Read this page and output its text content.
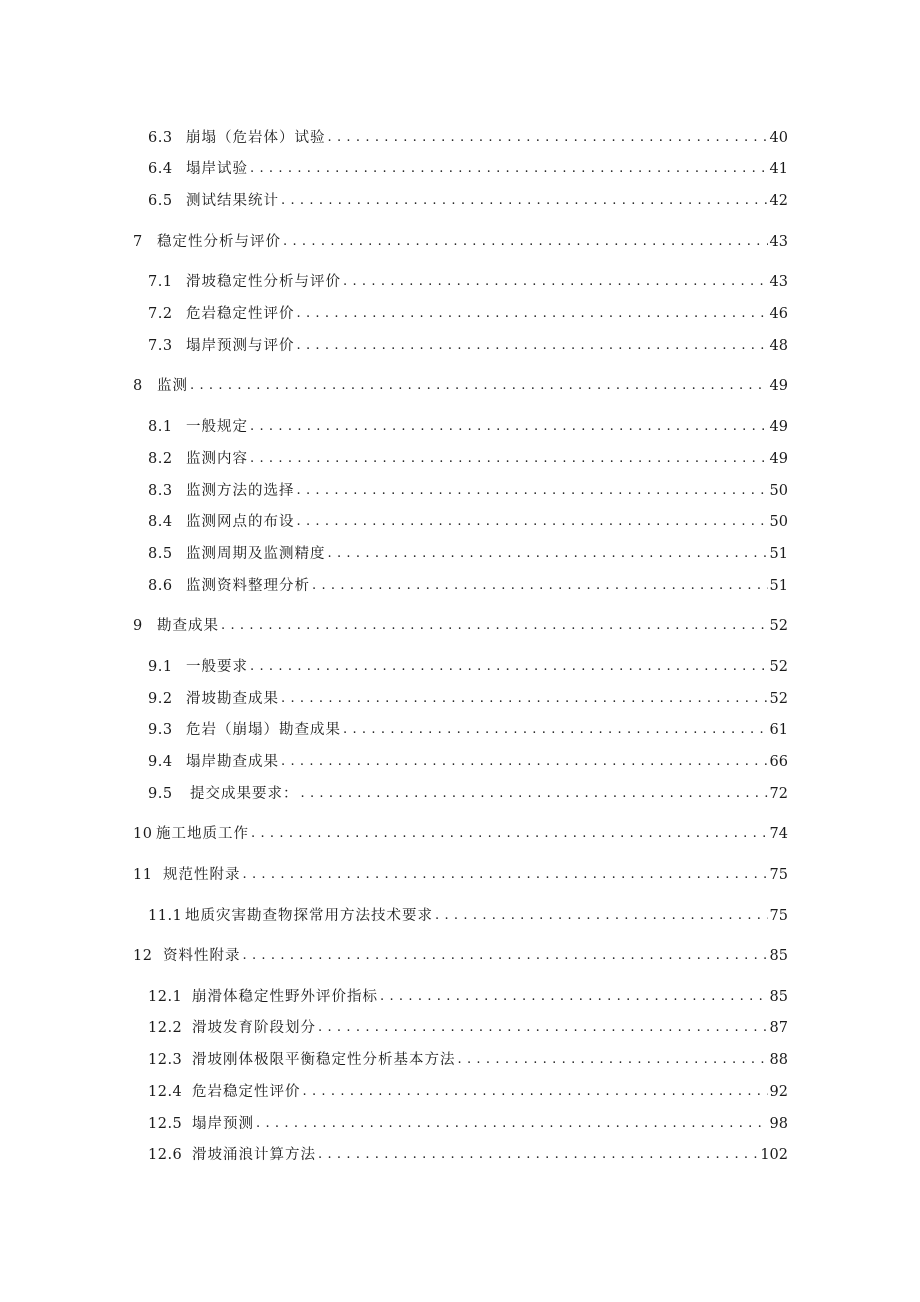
6.3 崩塌（危岩体）试验 . . .	40
6.4 塌岸试验 . . .	41
6.5 测试结果统计 . . .	42
7 稳定性分析与评价 . . .	43
7.1 滑坡稳定性分析与评价 . . .	43
7.2 危岩稳定性评价 . . .	46
7.3 塌岸预测与评价 . . .	48
8 监测 . . .	49
8.1 一般规定 . . .	49
8.2 监测内容 . . .	49
8.3 监测方法的选择 . . .	50
8.4 监测网点的布设 . . .	50
8.5 监测周期及监测精度 . . .	51
8.6 监测资料整理分析 . . .	51
9 勘查成果 . . .	52
9.1 一般要求 . . .	52
9.2 滑坡勘查成果 . . .	52
9.3 危岩（崩塌）勘查成果 . . .	61
9.4 塌岸勘查成果 . . .	66
9.5	提交成果要求： . . .	72
10 施工地质工作 . . .	74
11 规范性附录 . . .	75
11.1 地质灾害勘查物探常用方法技术要求 . . .	75
12 资料性附录 . . .	85
12.1 崩滑体稳定性野外评价指标 . . .	85
12.2 滑坡发育阶段划分 . . .	87
12.3 滑坡刚体极限平衡稳定性分析基本方法 . . .	88
12.4 危岩稳定性评价 . . .	92
12.5 塌岸预测 . . .	98
12.6 滑坡涌浪计算方法 . . .	102
